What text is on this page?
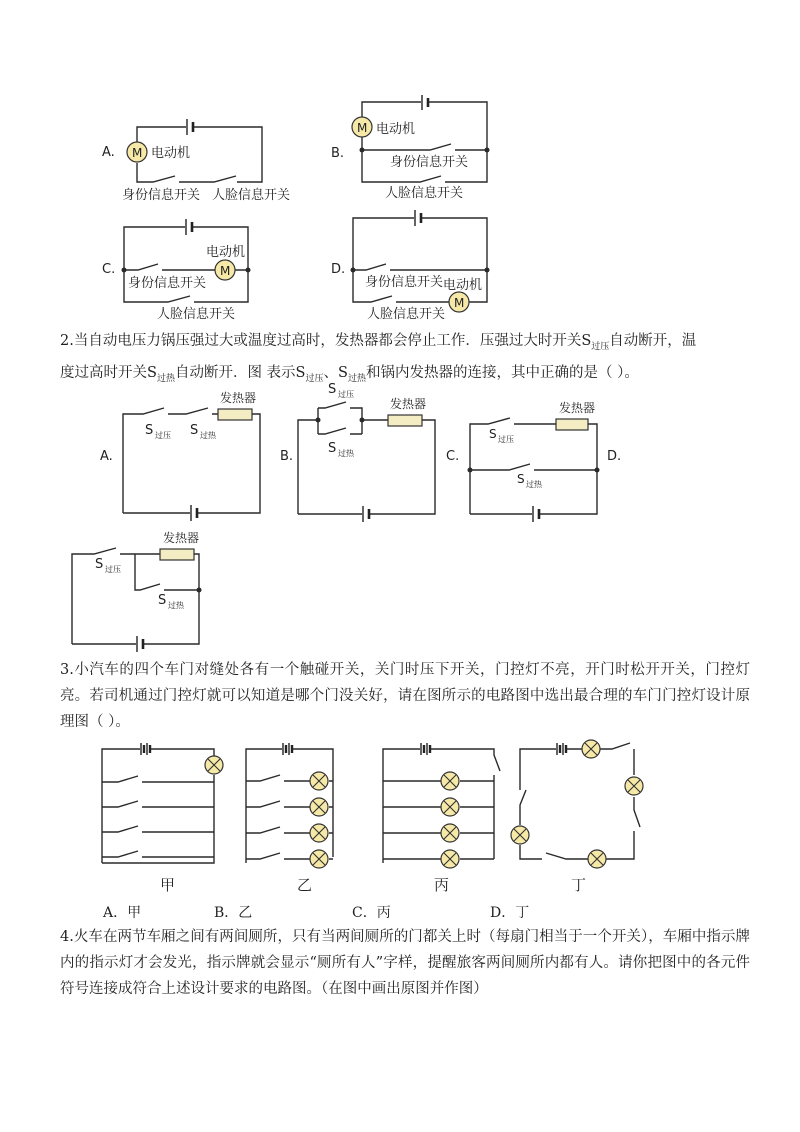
A. M 电动机
身份信息开关 人脸信息开关
B.
M 电动机
身份信息开关
人脸信息开关
C.	M
电动机
身份信息开关
人脸信息开关
D.
M
身份信息开关 电动机
人脸信息开关

2.当自动电压力锅压强过大或温度过高时，发热器都会停止工作．压强过大时开关$S_{过压}$自动断开，温
度过高时开关$S_{过热}$自动断开．图 表示$S_{过压}$、$S_{过热}$和锅内发热器的连接，其中正确的是（ ）。

A.
发热器
S 过压 S 过热
B.
发热器
S 过压
S 过热	C.
发热器
S 过压
S 过热
D.
发热器
S 过压
S 过热

3.小汽车的四个车门对缝处各有一个触碰开关，关门时压下开关，门控灯不亮，开门时松开开关，门控灯亮。若司机通过门控灯就可以知道是哪个门没关好，请在图所示的电路图中选出最合理的车门门控灯设计原理图（ ）。

甲	乙	丙	丁
A．甲	B．乙	C．丙	D．丁

4.火车在两节车厢之间有两间厕所，只有当两间厕所的门都关上时（每扇门相当于一个开关），车厢中指示牌内的指示灯才会发光，指示牌就会显示“厕所有人”字样，提醒旅客两间厕所内都有人。请你把图中的各元件符号连接成符合上述设计要求的电路图。（在图中画出原图并作图）
